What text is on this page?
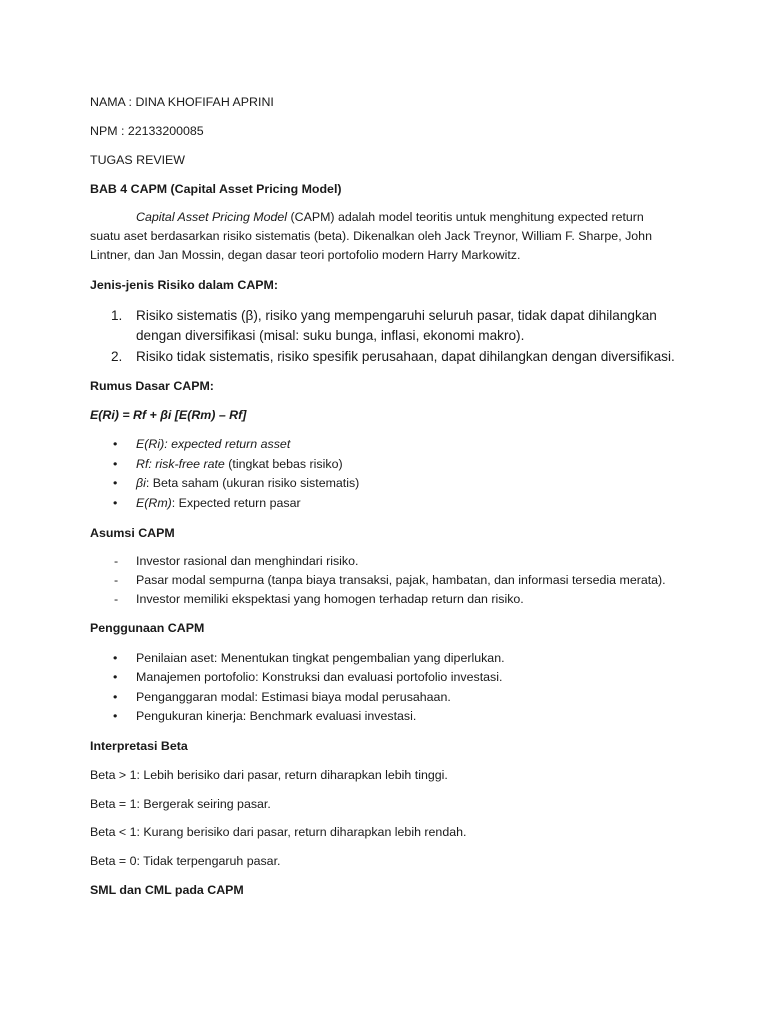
NAMA : DINA KHOFIFAH APRINI
NPM : 22133200085
TUGAS REVIEW
BAB 4 CAPM (Capital Asset Pricing Model)
Capital Asset Pricing Model (CAPM) adalah model teoritis untuk menghitung expected return suatu aset berdasarkan risiko sistematis (beta). Dikenalkan oleh Jack Treynor, William F. Sharpe, John Lintner, dan Jan Mossin, degan dasar teori portofolio modern Harry Markowitz.
Jenis-jenis Risiko dalam CAPM:
1. Risiko sistematis (β), risiko yang mempengaruhi seluruh pasar, tidak dapat dihilangkan
dengan diversifikasi (misal: suku bunga, inflasi, ekonomi makro).
2. Risiko tidak sistematis, risiko spesifik perusahaan, dapat dihilangkan dengan diversifikasi.
Rumus Dasar CAPM:
E(Ri) = Rf + βi [E(Rm) – Rf]
• E(Ri): expected return asset
• Rf: risk-free rate (tingkat bebas risiko)
• βi: Beta saham (ukuran risiko sistematis)
• E(Rm): Expected return pasar
Asumsi CAPM
- Investor rasional dan menghindari risiko.
- Pasar modal sempurna (tanpa biaya transaksi, pajak, hambatan, dan informasi tersedia merata).
- Investor memiliki ekspektasi yang homogen terhadap return dan risiko.
Penggunaan CAPM
• Penilaian aset: Menentukan tingkat pengembalian yang diperlukan.
• Manajemen portofolio: Konstruksi dan evaluasi portofolio investasi.
• Penganggaran modal: Estimasi biaya modal perusahaan.
• Pengukuran kinerja: Benchmark evaluasi investasi.
Interpretasi Beta
Beta > 1: Lebih berisiko dari pasar, return diharapkan lebih tinggi.
Beta = 1: Bergerak seiring pasar.
Beta < 1: Kurang berisiko dari pasar, return diharapkan lebih rendah.
Beta = 0: Tidak terpengaruh pasar.
SML dan CML pada CAPM
